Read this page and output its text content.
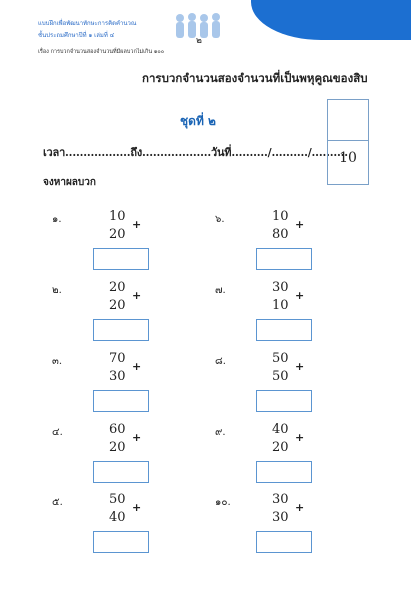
แบบฝึกเพื่อพัฒนาทักษะการคิดคำนวณ
ชั้นประถมศึกษาปีที่ ๑ เล่มที่ ๔
เรื่อง การบวกจำนวนสองจำนวนที่มีผลบวกไม่เกิน ๑๐๐
๒
การบวกจำนวนสองจำนวนที่เป็นพหุคูณของสิบ
ชุดที่ ๒
เวลา..................ถึง...................วันที่........../........../..........
10
จงหาผลบวก
๑.	10
20
+
๒.	20
20
+
๓.	70
30
+
๔.	60
20
+
๕.	50
40
+
๖.	10
80
+
๗.	30
10
+
๘.	50
50
+
๙.	40
20
+
๑๐.	30
30
+
